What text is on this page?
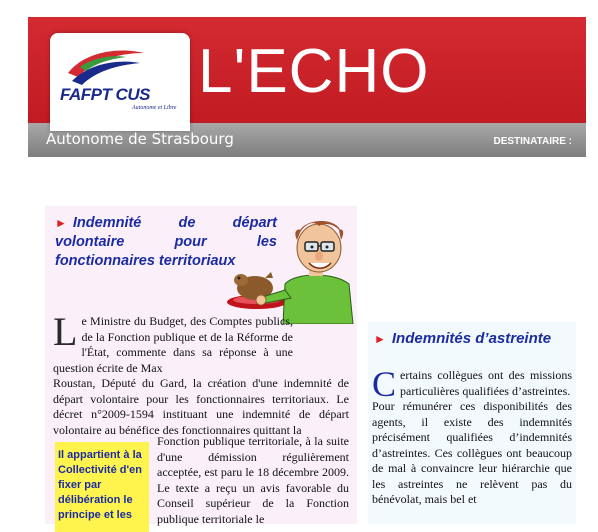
FAFPT CUS
Autonome et Libre
L'ECHO
Autonome de Strasbourg	DESTINATAIRE :
► Indemnité de départ volontaire pour les fonctionnaires territoriaux
L e Ministre du Budget, des Comptes publics, de la Fonction publique et de la Réforme de l'État, commente dans sa réponse à une question écrite de Max
Roustan, Député du Gard, la création d'une indemnité de départ volontaire pour les fonctionnaires territoriaux. Le décret n°2009-1594 instituant une indemnité de départ volontaire au bénéfice des fonctionnaires quittant la
Il appartient à la Collectivité d'en fixer par délibération le principe et les
Fonction publique territoriale, à la suite d'une démission régulièrement acceptée, est paru le 18 décembre 2009. Le texte a reçu un avis favorable du Conseil supérieur de la Fonction publique territoriale le
► Indemnités d’astreinte
C ertains collègues ont des missions particulières qualifiées d’astreintes.
Pour rémunérer ces disponibilités des agents, il existe des indemnités précisément qualifiées d’indemnités d’astreintes. Ces collègues ont beaucoup de mal à convaincre leur hiérarchie que les astreintes ne relèvent pas du bénévolat, mais bel et
